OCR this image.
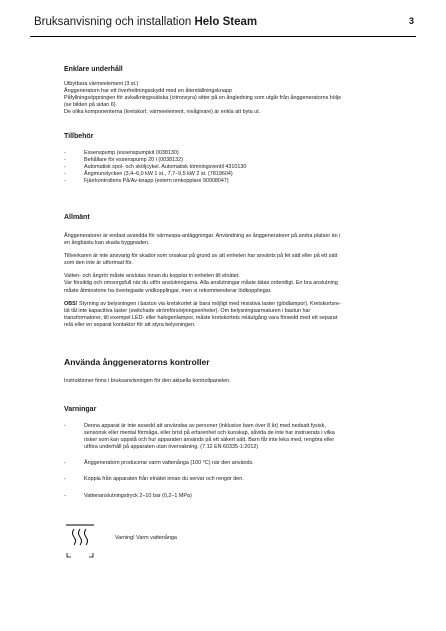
Bruksanvisning och installation Helo Steam	3

Enklare underhåll

Utbytbara värmeelement (3 st.)

Ånggeneratorn har ett överhettningsskydd med en återställningsknapp

Påfyllningsöppningen för avkalkningsvätska (citronsyra) sitter på en ångledning som utgår från ånggeneratorns hölje

(se bilden på sidan 6).

De olika komponenterna (kretskort, värmeelement, nivågivare) är enkla att byta ut.

Tillbehör

- Essenspump (essenspumpkit 0038130)
- Behållare för essenspump 20 l (0038132)
- Automatisk spol- och sköljcykel. Automatisk tömningsventil 4310130
- Ångmunstycken (3,4–6,0 kW 1 st., 7,7–9,5 kW 2 st. (7819604)
- Fjärrkontrollens På/Av-knapp (extern omkopplare 90908047)

Allmänt

Ånggeneratorer är endast avsedda för värmespa-anläggningar. Användning av ånggeneratorer på andra platser än i

en ångbastu kan skada byggnaden.

Tillverkaren är inte ansvarig för skador som orsakas på grund av att enheten har använts på fel sätt eller på ett sätt

som den inte är utformad för.

Vatten- och ångrör måste anslutas innan du kopplar in enheten till elnätet.

Var försiktig och omsorgsfull när du utför anslutningarna. Alla anslutningar måste tätas ordentligt. En bra anslutning

måste åtminstone ha övertejpade vridkopplingar, men vi rekommenderar lödkopplingar.

OBS! Styrning av belysningen i bastun via kretskortet är bara möjligt med resistiva laster (glödlampor). Kretskortsre-

lät tål inte kapacitiva laster (switchade strömförsörjningsenheter). Om belysningsarmaturen i bastun har

transformatorer, till exempel LED- eller halogenlampor, måste kretskortets reläutgång vara försedd med ett separat

relä eller en separat kontaktor för att styra belysningen.

Använda ånggeneratorns kontroller

Instruktioner finns i bruksanvisningen för den aktuella kontrollpanelen.

Varningar

- Denna apparat är inte avsedd att användas av personer (inklusive barn över 8 år) med nedsatt fysisk,
sensorisk eller mental förmåga, eller brist på erfarenhet och kunskap, såvida de inte har instruerats i vilka
risker som kan uppstå och hur apparaten används på ett säkert sätt. Barn får inte leka med, rengöra eller
utföra underhåll på apparaten utan övervakning. (7.12 EN 60335-1:2012)
- Ånggeneratorn producerar varm vattenånga (100 °C) när den används.
- Koppla från apparaten från elnätet innan du servar och rengör den.
- Vattenanslutningstryck 2–10 bar (0,2–1 MPa)
Varning! Varm vattenånga
